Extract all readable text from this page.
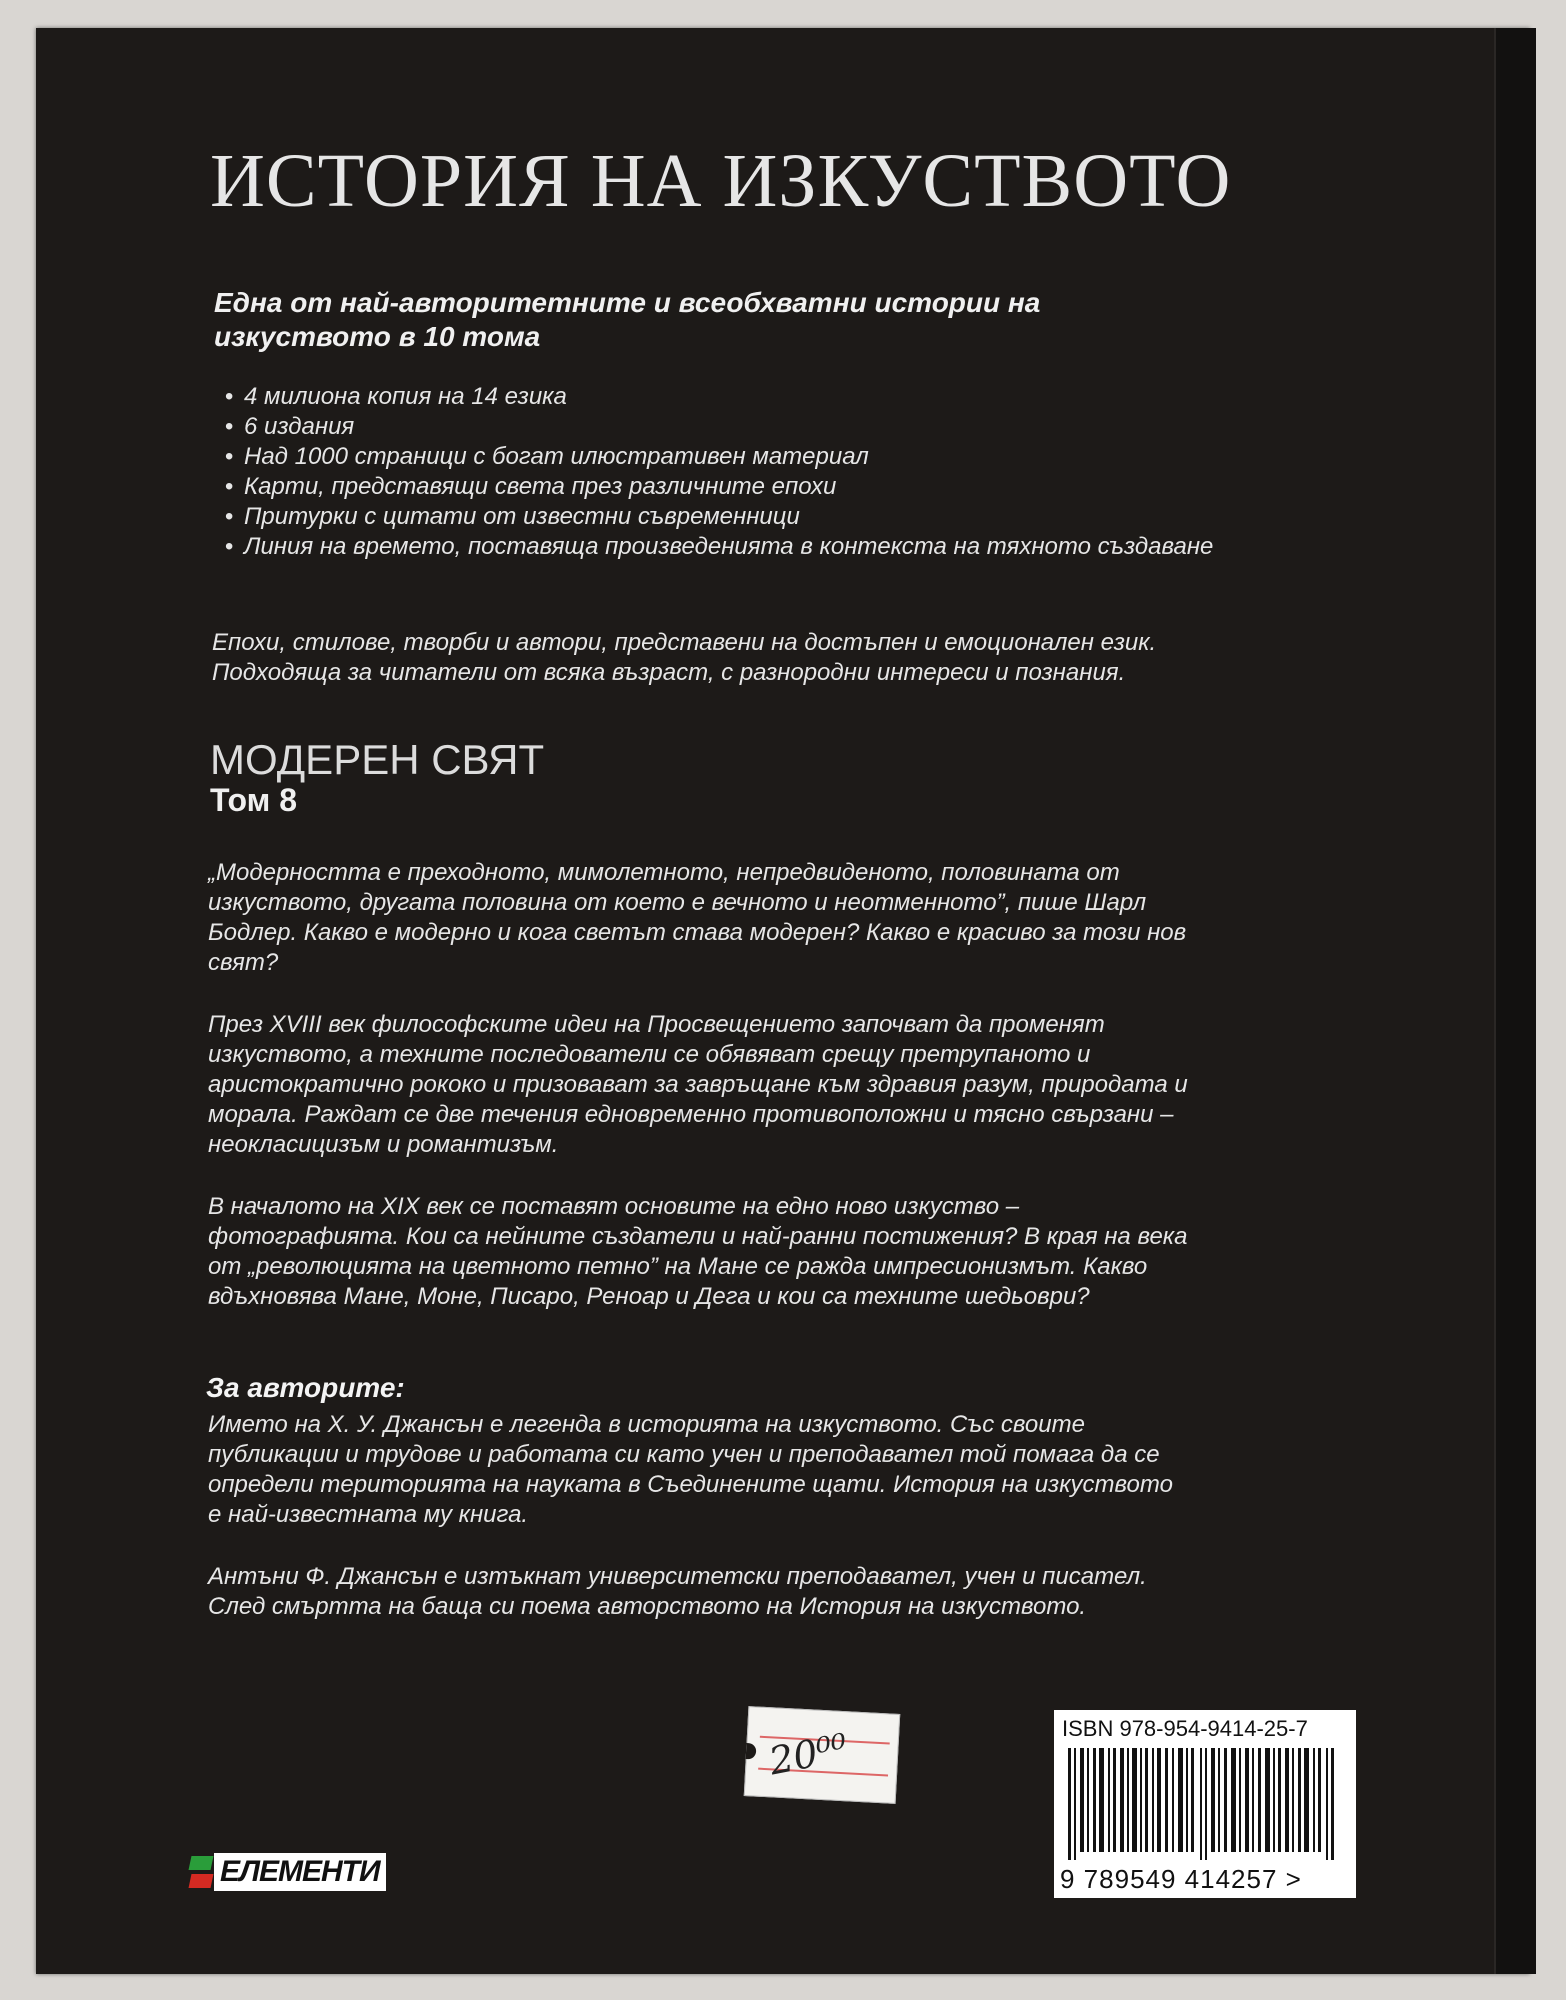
ИСТОРИЯ НА ИЗКУСТВОТО
Една от най-авторитетните и всеобхватни истории на изкуството в 10 тома
• 4 милиона копия на 14 езика
• 6 издания
• Над 1000 страници с богат илюстративен материал
• Карти, представящи света през различните епохи
• Притурки с цитати от известни съвременници
• Линия на времето, поставяща произведенията в контекста на тяхното създаване
Епохи, стилове, творби и автори, представени на достъпен и емоционален език. Подходяща за читатели от всяка възраст, с разнородни интереси и познания.
МОДЕРЕН СВЯТ
Том 8
„Модерността е преходното, мимолетното, непредвиденото, половината от изкуството, другата половина от което е вечното и неотменното”, пише Шарл Бодлер. Какво е модерно и кога светът става модерен? Какво е красиво за този нов свят?
През XVIII век философските идеи на Просвещението започват да променят изкуството, а техните последователи се обявяват срещу претрупаното и аристократично рококо и призовават за завръщане към здравия разум, природата и морала. Раждат се две течения едновременно противоположни и тясно свързани – неокласицизъм и романтизъм.
В началото на XIX век се поставят основите на едно ново изкуство – фотографията. Кои са нейните създатели и най-ранни постижения? В края на века от „революцията на цветното петно” на Мане се ражда импресионизмът. Какво вдъхновява Мане, Моне, Писаро, Реноар и Дега и кои са техните шедьоври?
За авторите:
Името на Х. У. Джансън е легенда в историята на изкуството. Със своите публикации и трудове и работата си като учен и преподавател той помага да се определи територията на науката в Съединените щати. История на изкуството е най-известната му книга.
Антъни Ф. Джансън е изтъкнат университетски преподавател, учен и писател. След смъртта на баща си поема авторството на История на изкуството.
20⁰⁰	ISBN 978-954-9414-25-7
9 789549 414257 >
ЕЛЕМЕНТИ
